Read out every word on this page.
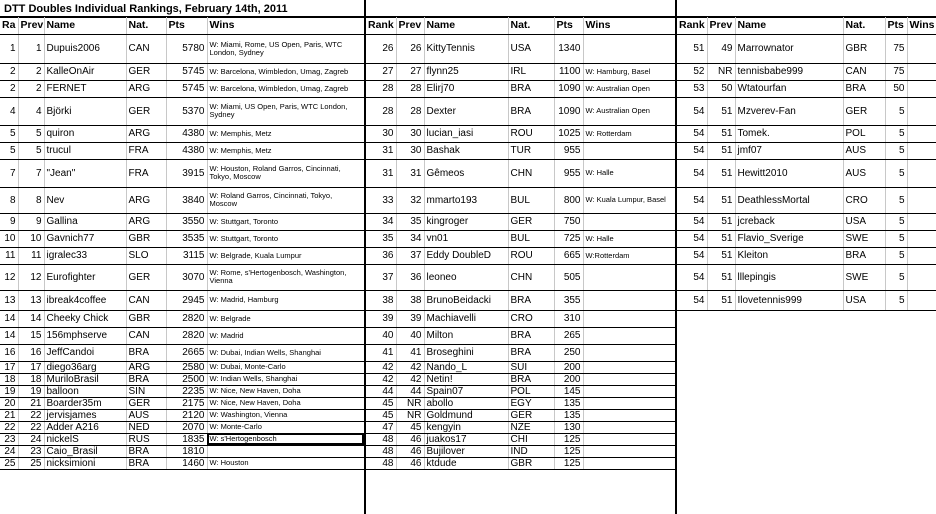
DTT Doubles Individual Rankings, February 14th, 2011
Ra	Prev	Name	Nat.	Pts	Wins
1	1	Dupuis2006	CAN	5780	W: Miami, Rome, US Open, Paris, WTC London, Sydney
2	2	KalleOnAir	GER	5745	W: Barcelona, Wimbledon, Umag, Zagreb
2	2	FERNET	ARG	5745	W: Barcelona, Wimbledon, Umag, Zagreb
4	4	Björki	GER	5370	W: Miami, US Open, Paris, WTC London, Sydney
5	5	quiron	ARG	4380	W: Memphis, Metz
5	5	trucul	FRA	4380	W: Memphis, Metz
7	7	"Jean"	FRA	3915	W: Houston, Roland Garros, Cincinnati, Tokyo, Moscow
8	8	Nev	ARG	3840	W: Roland Garros, Cincinnati, Tokyo, Moscow
9	9	Gallina	ARG	3550	W: Stuttgart, Toronto
10	10	Gavnich77	GBR	3535	W: Stuttgart, Toronto
11	11	igralec33	SLO	3115	W: Belgrade, Kuala Lumpur
12	12	Eurofighter	GER	3070	W: Rome, s'Hertogenbosch, Washington, Vienna
13	13	ibreak4coffee	CAN	2945	W: Madrid, Hamburg
14	14	Cheeky Chick	GBR	2820	W: Belgrade
14	15	156mphserve	CAN	2820	W: Madrid
16	16	JeffCandoi	BRA	2665	W: Dubai, Indian Wells, Shanghai
17	17	diego36arg	ARG	2580	W: Dubai, Monte-Carlo
18	18	MuriloBrasil	BRA	2500	W: Indian Wells, Shanghai
19	19	balloon	SIN	2235	W: Nice, New Haven, Doha
20	21	Boarder35m	GER	2175	W: Nice, New Haven, Doha
21	22	jervisjames	AUS	2120	W: Washington, Vienna
22	22	Adder A216	NED	2070	W: Monte-Carlo
23	24	nickelS	RUS	1835	W: s'Hertogenbosch
24	23	Caio_Brasil	BRA	1810	
25	25	nicksimioni	BRA	1460	W: Houston
Rank	Prev	Name	Nat.	Pts	Wins
26	26	KittyTennis	USA	1340	
27	27	flynn25	IRL	1100	W: Hamburg, Basel
28	28	Elirj70	BRA	1090	W: Australian Open
28	28	Dexter	BRA	1090	W: Australian Open
30	30	lucian_iasi	ROU	1025	W: Rotterdam
31	30	Bashak	TUR	955	
31	31	Gêmeos	CHN	955	W: Halle
33	32	mmarto193	BUL	800	W: Kuala Lumpur, Basel
34	35	kingroger	GER	750	
35	34	vn01	BUL	725	W: Halle
36	37	Eddy DoubleD	ROU	665	W:Rotterdam
37	36	leoneo	CHN	505	
38	38	BrunoBeidacki	BRA	355	
39	39	Machiavelli	CRO	310	
40	40	Milton	BRA	265	
41	41	Broseghini	BRA	250	
42	42	Nando_L	SUI	200	
42	42	Netin!	BRA	200	
44	44	Spain07	POL	145	
45	NR	abollo	EGY	135	
45	NR	Goldmund	GER	135	
47	45	kengyin	NZE	130	
48	46	juakos17	CHI	125	
48	46	Bujilover	IND	125	
48	46	ktdude	GBR	125	
Rank	Prev	Name	Nat.	Pts	Wins
51	49	Marrownator	GBR	75	
52	NR	tennisbabe999	CAN	75	
53	50	Wtatourfan	BRA	50	
54	51	Mzverev-Fan	GER	5	
54	51	Tomek.	POL	5	
54	51	jmf07	AUS	5	
54	51	Hewitt2010	AUS	5	
54	51	DeathlessMortal	CRO	5	
54	51	jcreback	USA	5	
54	51	Flavio_Sverige	SWE	5	
54	51	Kleiton	BRA	5	
54	51	lllepingis	SWE	5	
54	51	Ilovetennis999	USA	5	
